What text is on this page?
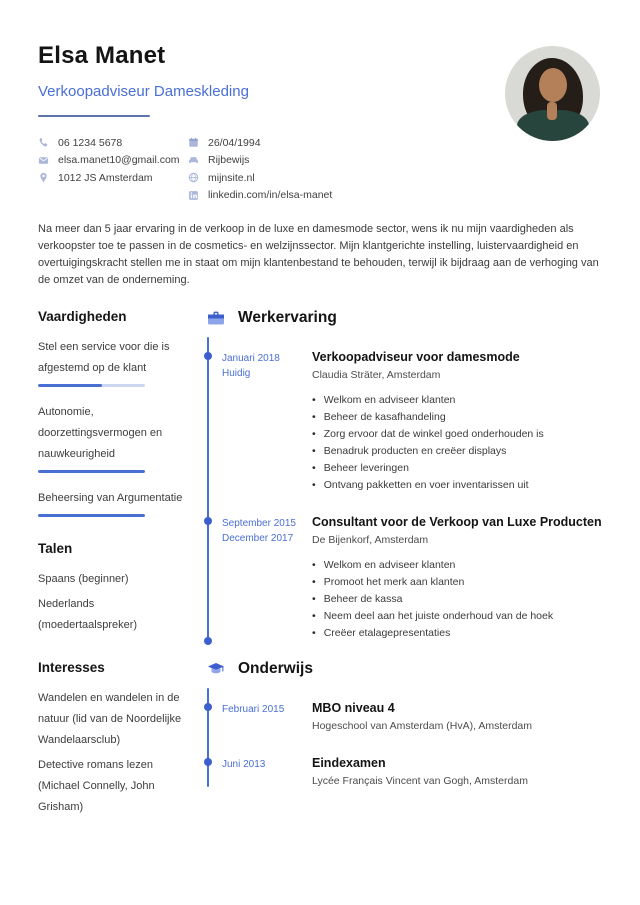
Elsa Manet
Verkoopadviseur Dameskleding
06 1234 5678
elsa.manet10@gmail.com
1012 JS Amsterdam
26/04/1994
Rijbewijs
mijnsite.nl
linkedin.com/in/elsa-manet
Na meer dan 5 jaar ervaring in de verkoop in de luxe en damesmode sector, wens ik nu mijn vaardigheden als verkoopster toe te passen in de cosmetics- en welzijnssector. Mijn klantgerichte instelling, luistervaardigheid en overtuigingskracht stellen me in staat om mijn klantenbestand te behouden, terwijl ik bijdraag aan de verhoging van de omzet van de onderneming.
Vaardigheden
Stel een service voor die is afgestemd op de klant
Autonomie, doorzettingsvermogen en nauwkeurigheid
Beheersing van Argumentatie
Talen
Spaans (beginner)
Nederlands (moedertaalspreker)
Interesses
Wandelen en wandelen in de natuur (lid van de Noordelijke Wandelaarsclub)
Detective romans lezen (Michael Connelly, John Grisham)
Werkervaring
Januari 2018
Huidig
Verkoopadviseur voor damesmode
Claudia Sträter, Amsterdam
• Welkom en adviseer klanten
• Beheer de kasafhandeling
• Zorg ervoor dat de winkel goed onderhouden is
• Benadruk producten en creëer displays
• Beheer leveringen
• Ontvang pakketten en voer inventarissen uit
September 2015
December 2017
Consultant voor de Verkoop van Luxe Producten
De Bijenkorf, Amsterdam
• Welkom en adviseer klanten
• Promoot het merk aan klanten
• Beheer de kassa
• Neem deel aan het juiste onderhoud van de hoek
• Creëer etalagepresentaties
Onderwijs
Februari 2015	MBO niveau 4
Hogeschool van Amsterdam (HvA), Amsterdam
Juni 2013	Eindexamen
Lycée Français Vincent van Gogh, Amsterdam
